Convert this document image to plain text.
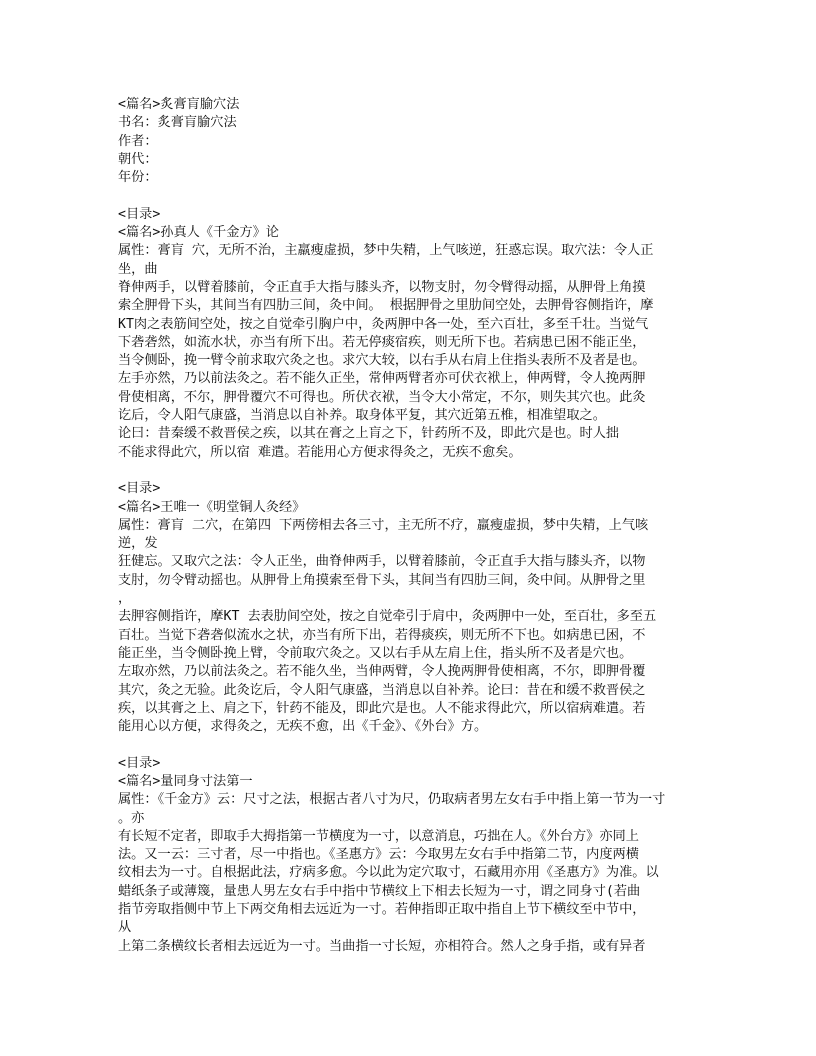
<篇名>炙膏肓腧穴法
书名：炙膏肓腧穴法
作者：
朝代：
年份：
<目录>
<篇名>孙真人《千金方》论
属性：膏肓 穴，无所不治，主羸瘦虚损，梦中失精，上气咳逆，狂惑忘误。取穴法：令人正
坐，曲
脊伸两手，以臂着膝前，令正直手大指与膝头齐，以物支肘，勿令臂得动摇，从胛骨上角摸
索全胛骨下头，其间当有四肋三间，灸中间。 根据胛骨之里肋间空处，去胛骨容侧指许，摩
KT肉之表筋间空处，按之自觉牵引胸户中，灸两胛中各一处，至六百壮，多至千壮。当觉气
下砻砻然，如流水状，亦当有所下出。若无停痰宿疾，则无所下也。若病患已困不能正坐，
当令侧卧，挽一臂令前求取穴灸之也。求穴大较，以右手从右肩上住指头表所不及者是也。
左手亦然，乃以前法灸之。若不能久正坐，常伸两臂者亦可伏衣袱上，伸两臂，令人挽两胛
骨使相离，不尔，胛骨覆穴不可得也。所伏衣袱，当令大小常定，不尔，则失其穴也。此灸
讫后，令人阳气康盛，当消息以自补养。取身体平复，其穴近第五椎，相准望取之。
论曰：昔秦缓不救晋侯之疾，以其在膏之上肓之下，针药所不及，即此穴是也。时人拙
不能求得此穴，所以宿 难遣。若能用心方便求得灸之，无疾不愈矣。
<目录>
<篇名>王唯一《明堂铜人灸经》
属性：膏肓 二穴，在第四 下两傍相去各三寸，主无所不疗，羸瘦虚损，梦中失精，上气咳
逆，发
狂健忘。又取穴之法：令人正坐，曲脊伸两手，以臂着膝前，令正直手大指与膝头齐，以物
支肘，勿令臂动摇也。从胛骨上角摸索至骨下头，其间当有四肋三间，灸中间。从胛骨之里
，
去胛容侧指许，摩KT 去表肋间空处，按之自觉牵引于肩中，灸两胛中一处，至百壮，多至五
百壮。当觉下砻砻似流水之状，亦当有所下出，若得痰疾，则无所不下也。如病患已困，不
能正坐，当令侧卧挽上臂，令前取穴灸之。又以右手从左肩上住，指头所不及者是穴也。
左取亦然，乃以前法灸之。若不能久坐，当伸两臂，令人挽两胛骨使相离，不尔，即胛骨覆
其穴，灸之无验。此灸讫后，令人阳气康盛，当消息以自补养。论曰：昔在和缓不救晋侯之
疾，以其膏之上、肩之下，针药不能及，即此穴是也。人不能求得此穴，所以宿病难遣。若
能用心以方便，求得灸之，无疾不愈，出《千金》、《外台》方。
<目录>
<篇名>量同身寸法第一
属性：《千金方》云：尺寸之法，根据古者八寸为尺，仍取病者男左女右手中指上第一节为一寸
。亦
有长短不定者，即取手大拇指第一节横度为一寸，以意消息，巧拙在人。《外台方》亦同上
法。又一云：三寸者，尽一中指也。《圣惠方》云：今取男左女右手中指第二节，内度两横
纹相去为一寸。自根据此法，疗病多愈。今以此为定穴取寸，石藏用亦用《圣惠方》为准。以
蜡纸条子或薄篾，量患人男左女右手中指中节横纹上下相去长短为一寸，谓之同身寸(若曲
指节旁取指侧中节上下两交角相去远近为一寸。若伸指即正取中指自上节下横纹至中节中，
从
上第二条横纹长者相去远近为一寸。当曲指一寸长短，亦相符合。然人之身手指，或有异者
